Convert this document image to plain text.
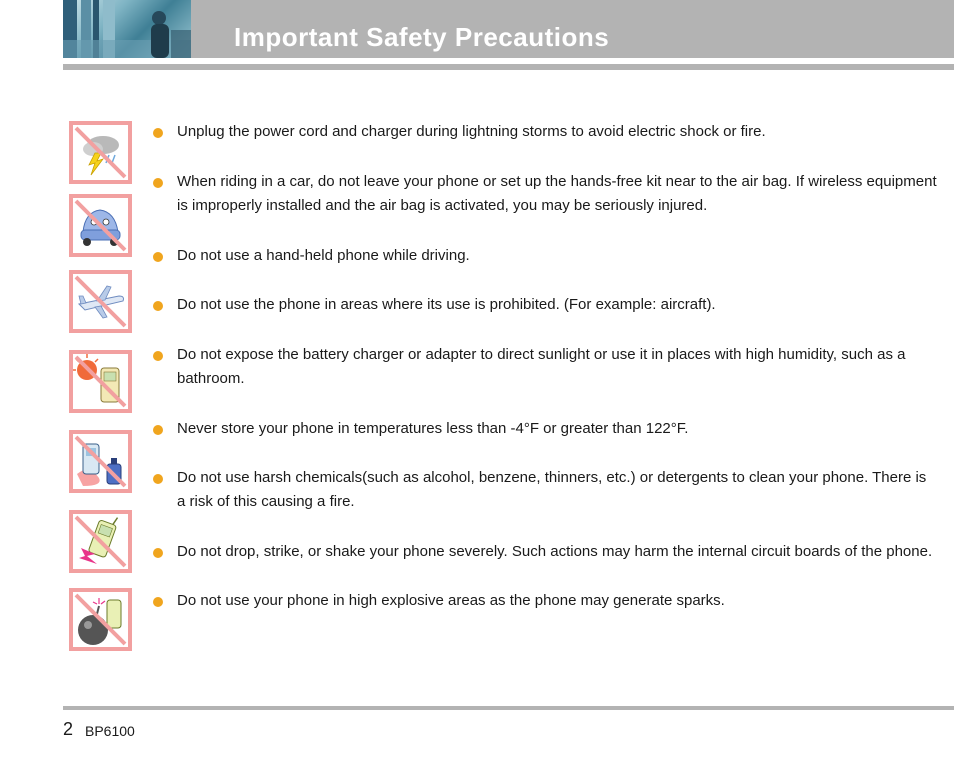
Important Safety Precautions
Unplug the power cord and charger during lightning storms to avoid electric shock or fire.
When riding in a car, do not leave your phone or set up the hands-free kit near to the air bag. If wireless equipment is improperly installed and the air bag is activated, you may be seriously injured.
Do not use a hand-held phone while driving.
Do not use the phone in areas where its use is prohibited. (For example: aircraft).
Do not expose the battery charger or adapter to direct sunlight or use it in places with high humidity, such as a bathroom.
Never store your phone in temperatures less than -4°F or greater than 122°F.
Do not use harsh chemicals(such as alcohol, benzene, thinners, etc.) or detergents to clean your phone. There is a risk of this causing a fire.
Do not drop, strike, or shake your phone severely. Such actions may harm the internal circuit boards of the phone.
Do not use your phone in high explosive areas as the phone may generate sparks.
2 BP6100
